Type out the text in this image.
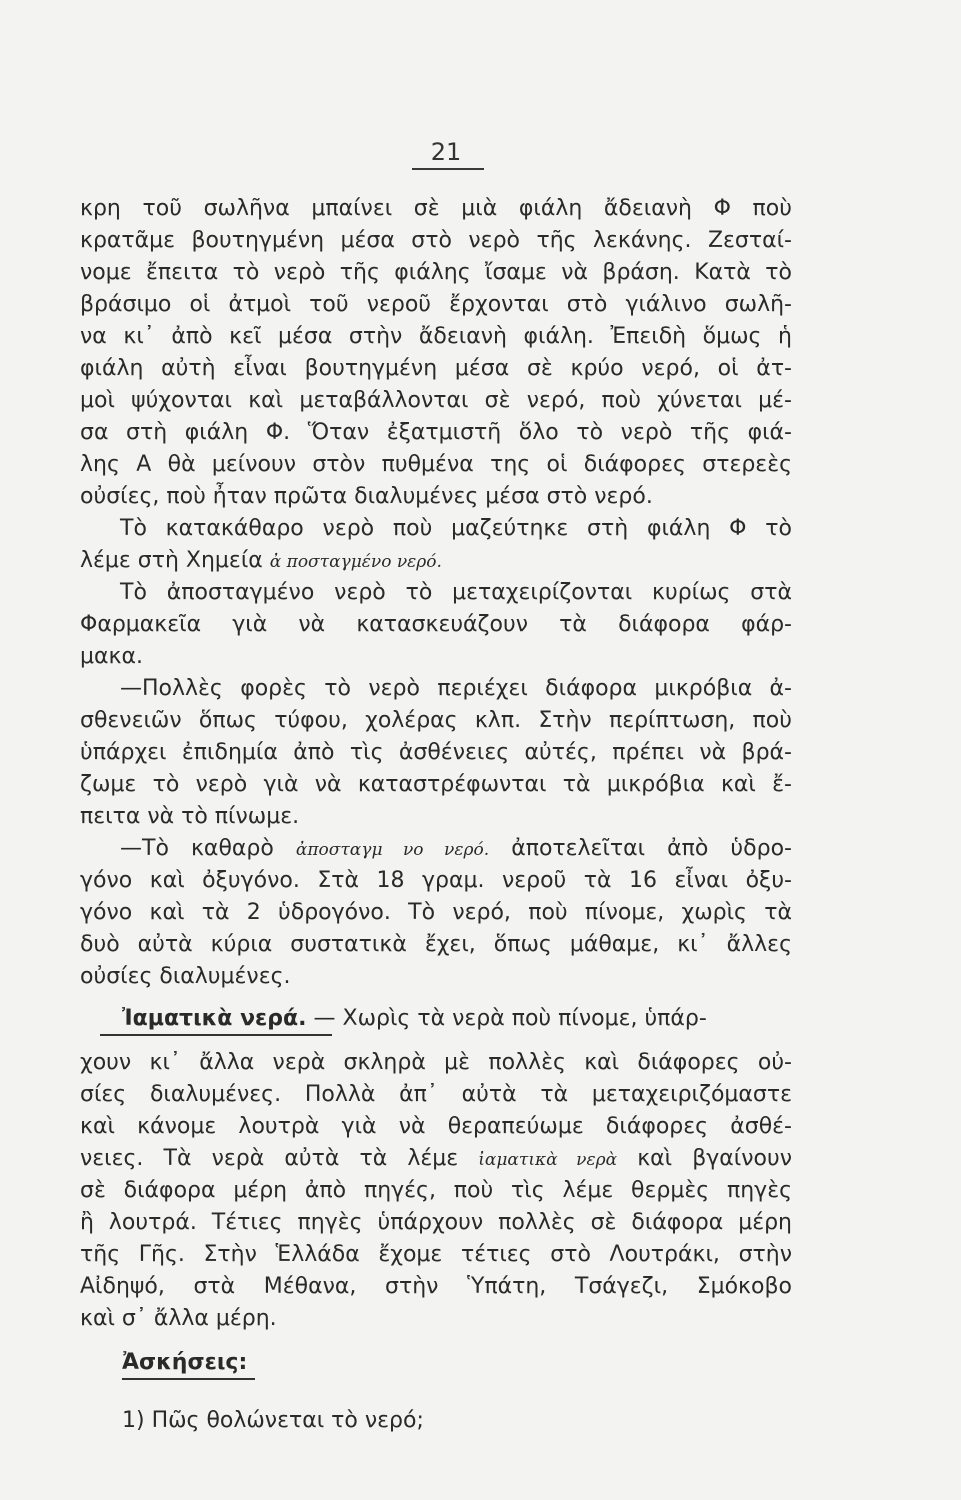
21
κρη τοῦ σωλῆνα μπαίνει σὲ μιὰ φιάλη ἄδειανὴ Φ ποὺ
κρατᾶμε βουτηγμένη μέσα στὸ νερὸ τῆς λεκάνης. Ζεσταί-
νομε ἔπειτα τὸ νερὸ τῆς φιάλης ἴσαμε νὰ βράση. Κατὰ τὸ
βράσιμο οἱ ἀτμοὶ τοῦ νεροῦ ἔρχονται στὸ γιάλινο σωλῆ-
να κι᾽ ἀπὸ κεῖ μέσα στὴν ἄδειανὴ φιάλη. Ἐπειδὴ ὅμως ἡ
φιάλη αὐτὴ εἶναι βουτηγμένη μέσα σὲ κρύο νερό, οἱ ἀτ-
μοὶ ψύχονται καὶ μεταβάλλονται σὲ νερό, ποὺ χύνεται μέ-
σα στὴ φιάλη Φ. Ὅταν ἐξατμιστῆ ὅλο τὸ νερὸ τῆς φιά-
λης Α θὰ μείνουν στὸν πυθμένα της οἱ διάφορες στερεὲς
οὐσίες, ποὺ ἦταν πρῶτα διαλυμένες μέσα στὸ νερό.
Τὸ κατακάθαρο νερὸ ποὺ μαζεύτηκε στὴ φιάλη Φ τὸ
λέμε στὴ Χημεία ἀ ποσταγμένο νερό.
Τὸ ἀποσταγμένο νερὸ τὸ μεταχειρίζονται κυρίως στὰ
Φαρμακεῖα γιὰ νὰ κατασκευάζουν τὰ διάφορα φάρ-
μακα.
—Πολλὲς φορὲς τὸ νερὸ περιέχει διάφορα μικρόβια ἀ-
σθενειῶν ὅπως τύφου, χολέρας κλπ. Στὴν περίπτωση, ποὺ
ὑπάρχει ἐπιδημία ἀπὸ τὶς ἀσθένειες αὐτές, πρέπει νὰ βρά-
ζωμε τὸ νερὸ γιὰ νὰ καταστρέφωνται τὰ μικρόβια καὶ ἔ-
πειτα νὰ τὸ πίνωμε.
—Τὸ καθαρὸ ἀποσταγμ νο νερό. ἀποτελεῖται ἀπὸ ὑδρο-
γόνο καὶ ὀξυγόνο. Στὰ 18 γραμ. νεροῦ τὰ 16 εἶναι ὀξυ-
γόνο καὶ τὰ 2 ὑδρογόνο. Τὸ νερό, ποὺ πίνομε, χωρὶς τὰ
δυὸ αὐτὰ κύρια συστατικὰ ἔχει, ὅπως μάθαμε, κι᾽ ἄλλες
οὐσίες διαλυμένες.
Ἰαματικὰ νερά. — Χωρὶς τὰ νερὰ ποὺ πίνομε, ὑπάρ-
χουν κι᾽ ἄλλα νερὰ σκληρὰ μὲ πολλὲς καὶ διάφορες οὐ-
σίες διαλυμένες. Πολλὰ ἀπ᾽ αὐτὰ τὰ μεταχειριζόμαστε
καὶ κάνομε λουτρὰ γιὰ νὰ θεραπεύωμε διάφορες ἀσθέ-
νειες. Τὰ νερὰ αὐτὰ τὰ λέμε ἰαματικὰ νερὰ καὶ βγαίνουν
σὲ διάφορα μέρη ἀπὸ πηγές, ποὺ τὶς λέμε θερμὲς πηγὲς
ἢ λουτρά. Τέτιες πηγὲς ὑπάρχουν πολλὲς σὲ διάφορα μέρη
τῆς Γῆς. Στὴν Ἑλλάδα ἔχομε τέτιες στὸ Λουτράκι, στὴν
Αἰδηψό, στὰ Μέθανα, στὴν Ὑπάτη, Τσάγεζι, Σμόκοβο
καὶ σ᾽ ἄλλα μέρη.
Ἀσκήσεις:
1) Πῶς θολώνεται τὸ νερό;
